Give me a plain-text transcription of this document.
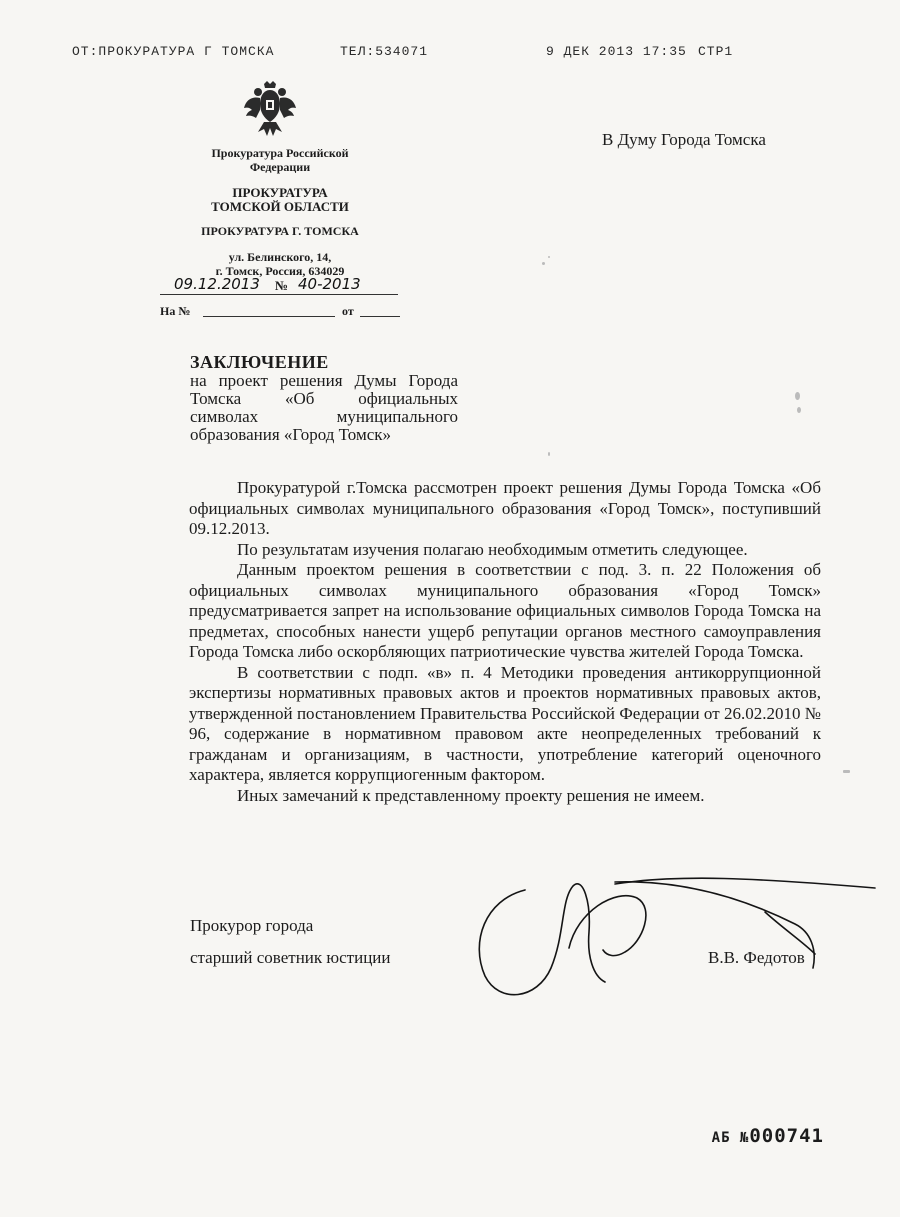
ОТ:ПРОКУРАТУРА Г ТОМСКА	ТЕЛ:534071	9 ДЕК 2013 17:35 СТР1
Прокуратура Российской
Федерации
ПРОКУРАТУРА
ТОМСКОЙ ОБЛАСТИ
ПРОКУРАТУРА Г. ТОМСКА
ул. Белинского, 14,
г. Томск, Россия, 634029
09.12.2013 № 40-2013
На №	от
В Думу Города Томска
ЗАКЛЮЧЕНИЕ
на проект решения Думы Города
Томска «Об официальных
символах муниципального
образования «Город Томск»

Прокуратурой г.Томска рассмотрен проект решения Думы Города Томска «Об официальных символах муниципального образования «Город Томск», поступивший 09.12.2013.

По результатам изучения полагаю необходимым отметить следующее.

Данным проектом решения в соответствии с под. 3. п. 22 Положения об официальных символах муниципального образования «Город Томск» предусматривается запрет на использование официальных символов Города Томска на предметах, способных нанести ущерб репутации органов местного самоуправления Города Томска либо оскорбляющих патриотические чувства жителей Города Томска.

В соответствии с подп. «в» п. 4 Методики проведения антикоррупционной экспертизы нормативных правовых актов и проектов нормативных правовых актов, утвержденной постановлением Правительства Российской Федерации от 26.02.2010 № 96, содержание в нормативном правовом акте неопределенных требований к гражданам и организациям, в частности, употребление категорий оценочного характера, является коррупциогенным фактором.

Иных замечаний к представленному проекту решения не имеем.

Прокурор города
старший советник юстиции	В.В. Федотов
АБ №000741
